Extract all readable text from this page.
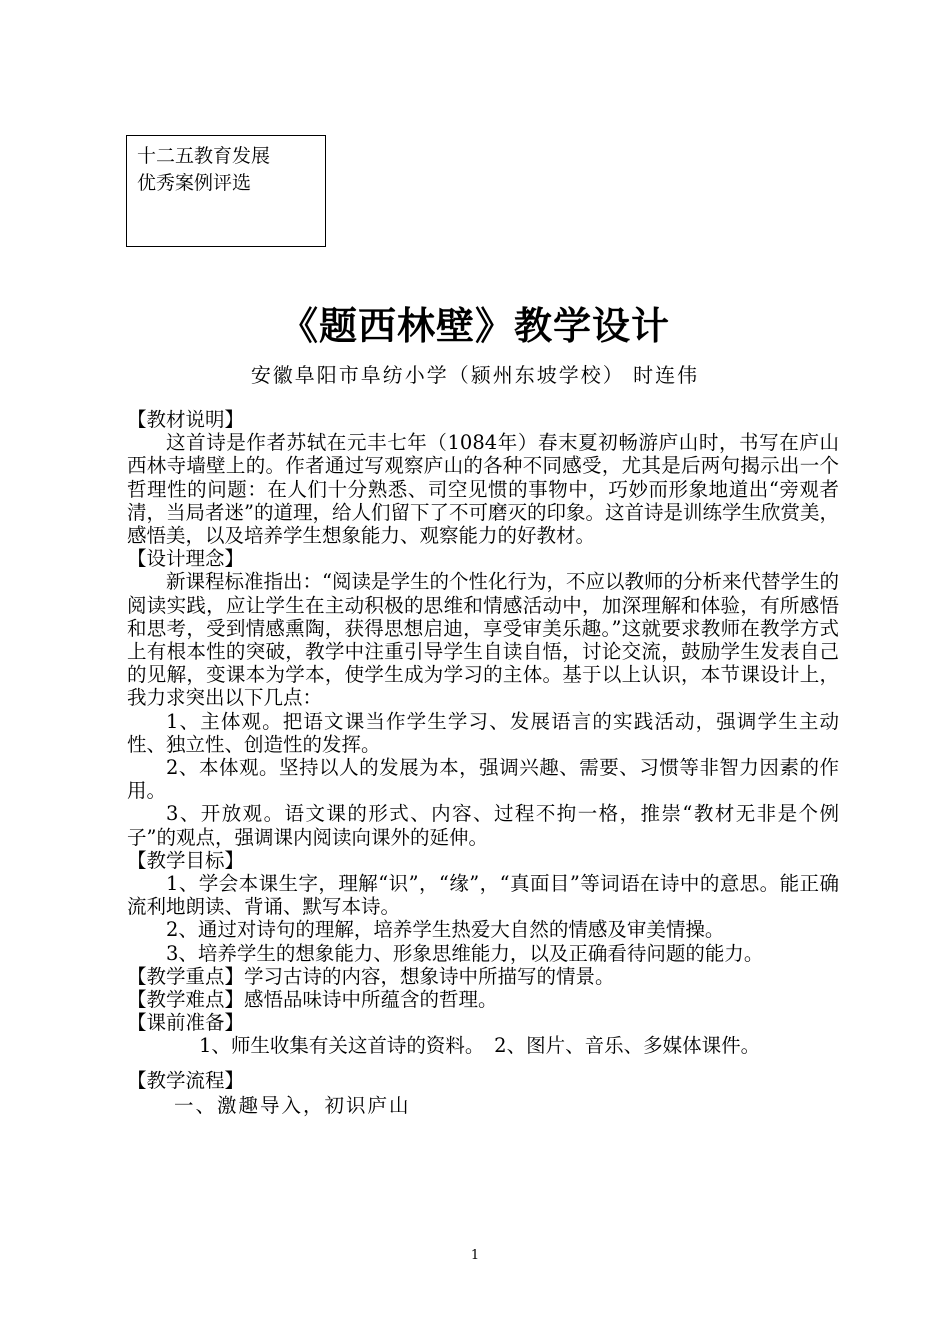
十二五教育发展
优秀案例评选
《题西林壁》教学设计
安徽阜阳市阜纺小学（颍州东坡学校） 时连伟

【教材说明】

这首诗是作者苏轼在元丰七年（1084年）春末夏初畅游庐山时，书写在庐山西林寺墙壁上的。作者通过写观察庐山的各种不同感受，尤其是后两句揭示出一个哲理性的问题：在人们十分熟悉、司空见惯的事物中，巧妙而形象地道出“旁观者清，当局者迷”的道理，给人们留下了不可磨灭的印象。这首诗是训练学生欣赏美，感悟美，以及培养学生想象能力、观察能力的好教材。

【设计理念】

新课程标准指出：“阅读是学生的个性化行为，不应以教师的分析来代替学生的阅读实践，应让学生在主动积极的思维和情感活动中，加深理解和体验，有所感悟和思考，受到情感熏陶，获得思想启迪，享受审美乐趣。”这就要求教师在教学方式上有根本性的突破，教学中注重引导学生自读自悟，讨论交流，鼓励学生发表自己的见解，变课本为学本，使学生成为学习的主体。基于以上认识，本节课设计上，我力求突出以下几点：

1、主体观。把语文课当作学生学习、发展语言的实践活动，强调学生主动性、独立性、创造性的发挥。

2、本体观。坚持以人的发展为本，强调兴趣、需要、习惯等非智力因素的作用。

3、开放观。语文课的形式、内容、过程不拘一格，推崇“教材无非是个例子”的观点，强调课内阅读向课外的延伸。

【教学目标】

1、学会本课生字，理解“识”，“缘”，“真面目”等词语在诗中的意思。能正确流利地朗读、背诵、默写本诗。

2、通过对诗句的理解，培养学生热爱大自然的情感及审美情操。

3、培养学生的想象能力、形象思维能力，以及正确看待问题的能力。

【教学重点】学习古诗的内容，想象诗中所描写的情景。

【教学难点】感悟品味诗中所蕴含的哲理。

【课前准备】

1、师生收集有关这首诗的资料。　2、图片、音乐、多媒体课件。

【教学流程】

一、激趣导入，初识庐山

1
